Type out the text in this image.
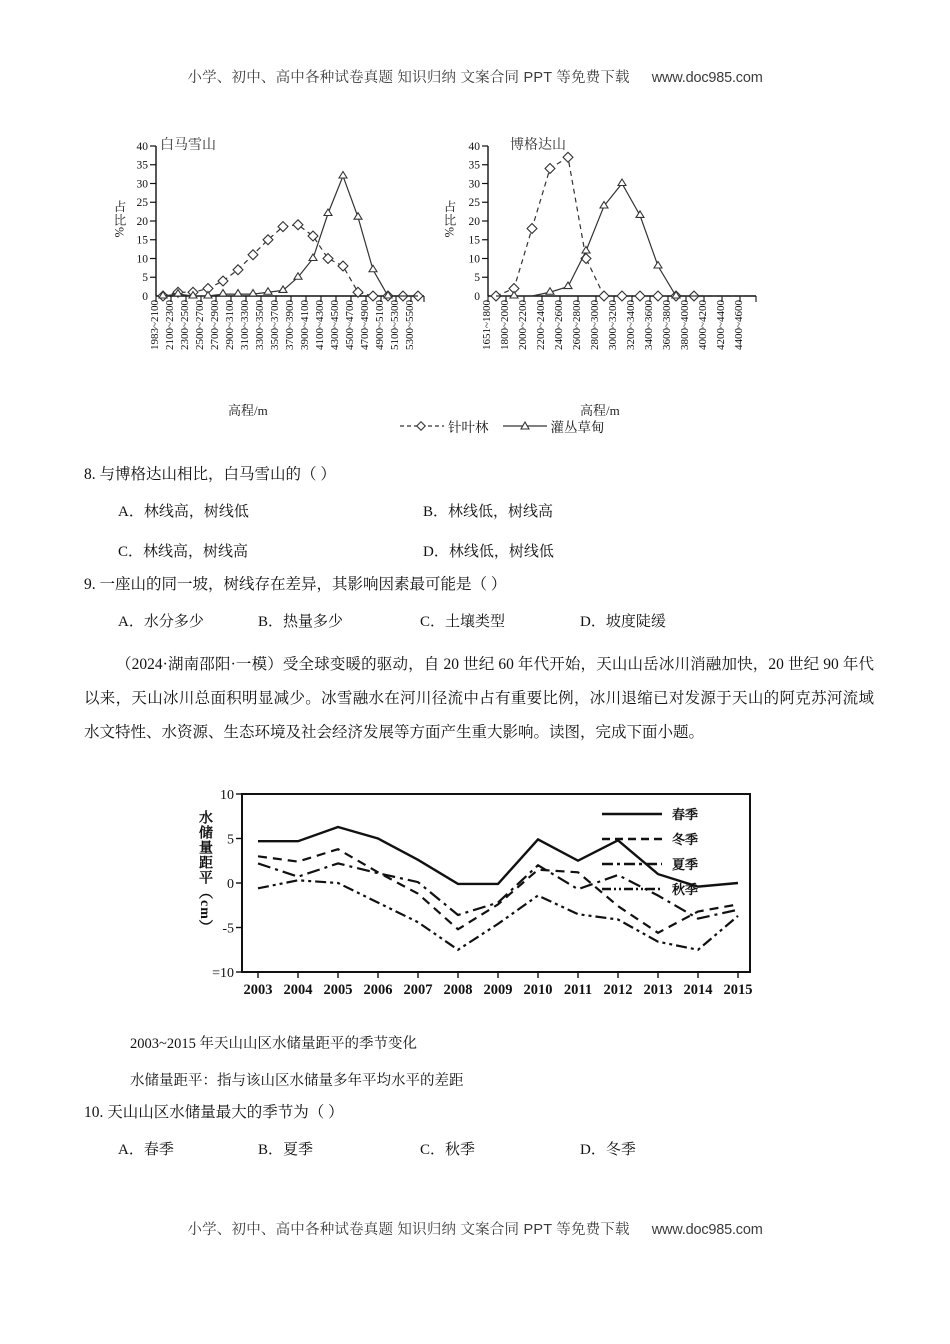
小学、初中、高中各种试卷真题 知识归纳 文案合同 PPT 等免费下载 www.doc985.com
白马雪山
占比%
40
35
30
25
20
15
10
5
0
1983~2100 2100~2300 2300~2500 2500~2700 2700~2900 2900~3100 3100~3300 3300~3500 3500~3700 3700~3900 3900~4100 4100~4300 4300~4500 4500~4700 4700~4900 4900~5100 5100~5300 5300~5500
高程/m
博格达山
占比%
40
35
30
25
20
15
10
5
0
1651~1800 1800~2000 2000~2200 2200~2400 2400~2600 2600~2800 2800~3000 3000~3200 3200~3400 3400~3600 3600~3800 3800~4000 4000~4200 4200~4400 4400~4600
高程/m
针叶林	灌丛草甸
8. 与博格达山相比，白马雪山的（ ）
A．林线高，树线低	B．林线低，树线高
C．林线高，树线高	D．林线低，树线低
9. 一座山的同一坡，树线存在差异，其影响因素最可能是（ ）
A．水分多少	B．热量多少	C．土壤类型	D．坡度陡缓
（2024·湖南邵阳·一模）受全球变暖的驱动，自 20 世纪 60 年代开始，天山山岳冰川消融加快，20 世纪 90 年代以来，天山冰川总面积明显减少。冰雪融水在河川径流中占有重要比例，冰川退缩已对发源于天山的阿克苏河流域水文特性、水资源、生态环境及社会经济发展等方面产生重大影响。读图，完成下面小题。
水储量距平（cm）
10
5
0
-5
=10
2003 2004 2005 2006 2007 2008 2009 2010 2011 2012 2013 2014 2015
春季
冬季
夏季
秋季
2003~2015 年天山山区水储量距平的季节变化
水储量距平：指与该山区水储量多年平均水平的差距
10. 天山山区水储量最大的季节为（ ）
A．春季	B．夏季	C．秋季	D．冬季
小学、初中、高中各种试卷真题 知识归纳 文案合同 PPT 等免费下载 www.doc985.com
